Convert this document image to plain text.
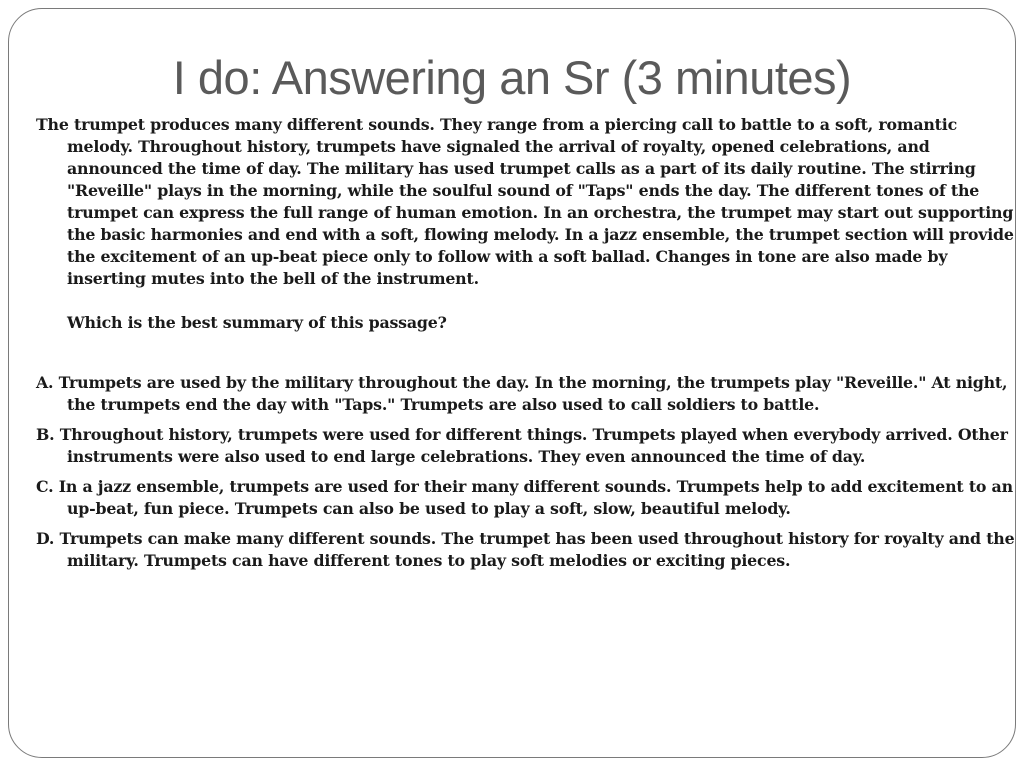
I do: Answering an Sr (3 minutes)

The trumpet produces many different sounds. They range from a piercing call to battle to a soft, romantic melody. Throughout history, trumpets have signaled the arrival of royalty, opened celebrations, and announced the time of day. The military has used trumpet calls as a part of its daily routine. The stirring "Reveille" plays in the morning, while the soulful sound of "Taps" ends the day. The different tones of the trumpet can express the full range of human emotion. In an orchestra, the trumpet may start out supporting the basic harmonies and end with a soft, flowing melody. In a jazz ensemble, the trumpet section will provide the excitement of an up-beat piece only to follow with a soft ballad. Changes in tone are also made by inserting mutes into the bell of the instrument.

Which is the best summary of this passage?

A. Trumpets are used by the military throughout the day. In the morning, the trumpets play "Reveille." At night, the trumpets end the day with "Taps." Trumpets are also used to call soldiers to battle.

B. Throughout history, trumpets were used for different things. Trumpets played when everybody arrived. Other instruments were also used to end large celebrations. They even announced the time of day.

C. In a jazz ensemble, trumpets are used for their many different sounds. Trumpets help to add excitement to an up-beat, fun piece. Trumpets can also be used to play a soft, slow, beautiful melody.

D. Trumpets can make many different sounds. The trumpet has been used throughout history for royalty and the military. Trumpets can have different tones to play soft melodies or exciting pieces.
